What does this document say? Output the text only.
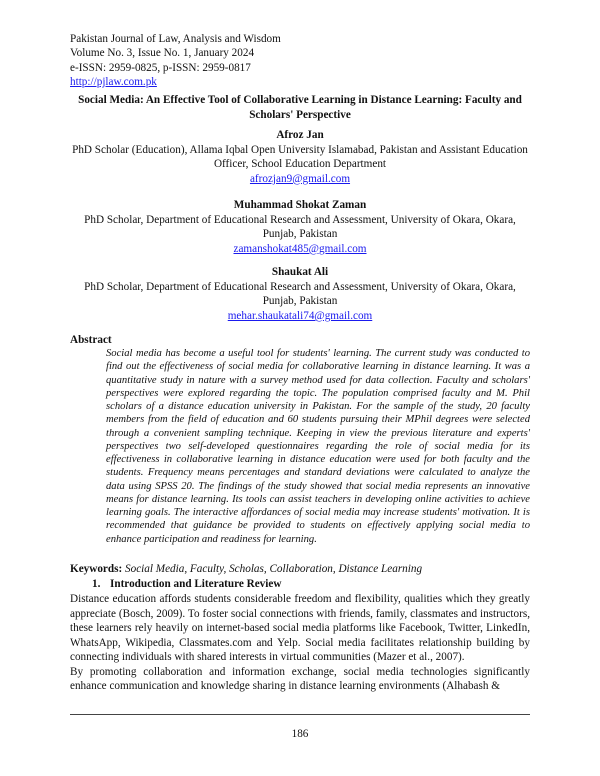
Pakistan Journal of Law, Analysis and Wisdom
Volume No. 3, Issue No. 1, January 2024
e-ISSN: 2959-0825, p-ISSN: 2959-0817
http://pjlaw.com.pk
Social Media: An Effective Tool of Collaborative Learning in Distance Learning: Faculty and Scholars' Perspective
Afroz Jan
PhD Scholar (Education), Allama Iqbal Open University Islamabad, Pakistan and Assistant Education Officer, School Education Department
afrozjan9@gmail.com
Muhammad Shokat Zaman
PhD Scholar, Department of Educational Research and Assessment, University of Okara, Okara, Punjab, Pakistan
zamanshokat485@gmail.com
Shaukat Ali
PhD Scholar, Department of Educational Research and Assessment, University of Okara, Okara, Punjab, Pakistan
mehar.shaukatali74@gmail.com
Abstract
Social media has become a useful tool for students' learning. The current study was conducted to find out the effectiveness of social media for collaborative learning in distance learning. It was a quantitative study in nature with a survey method used for data collection. Faculty and scholars' perspectives were explored regarding the topic. The population comprised faculty and M. Phil scholars of a distance education university in Pakistan. For the sample of the study, 20 faculty members from the field of education and 60 students pursuing their MPhil degrees were selected through a convenient sampling technique. Keeping in view the previous literature and experts' perspectives two self-developed questionnaires regarding the role of social media for its effectiveness in collaborative learning in distance education were used for both faculty and the students. Frequency means percentages and standard deviations were calculated to analyze the data using SPSS 20. The findings of the study showed that social media represents an innovative means for distance learning. Its tools can assist teachers in developing online activities to achieve learning goals. The interactive affordances of social media may increase students' motivation. It is recommended that guidance be provided to students on effectively applying social media to enhance participation and readiness for learning.
Keywords: Social Media, Faculty, Scholas, Collaboration, Distance Learning
1. Introduction and Literature Review

Distance education affords students considerable freedom and flexibility, qualities which they greatly appreciate (Bosch, 2009). To foster social connections with friends, family, classmates and instructors, these learners rely heavily on internet-based social media platforms like Facebook, Twitter, LinkedIn, WhatsApp, Wikipedia, Classmates.com and Yelp. Social media facilitates relationship building by connecting individuals with shared interests in virtual communities (Mazer et al., 2007).

By promoting collaboration and information exchange, social media technologies significantly enhance communication and knowledge sharing in distance learning environments (Alhabash &

186
